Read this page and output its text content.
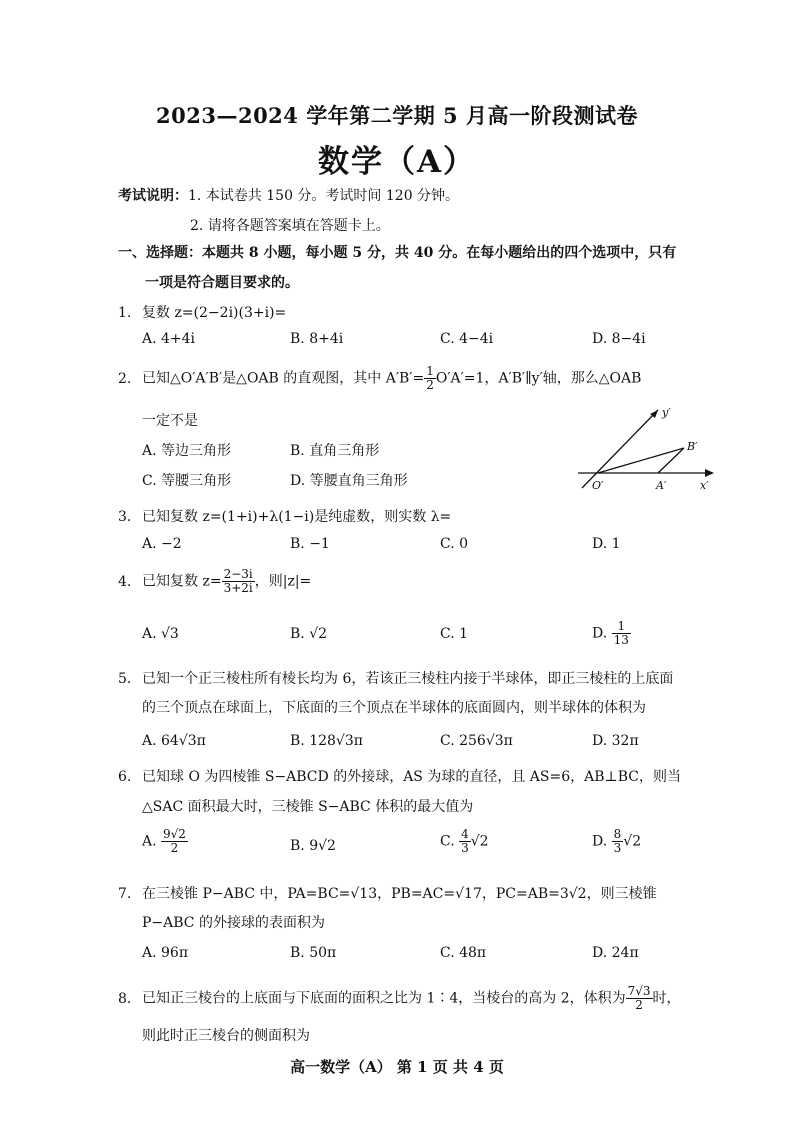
2023—2024 学年第二学期 5 月高一阶段测试卷
数学（A）
考试说明：1. 本试卷共 150 分。考试时间 120 分钟。
2. 请将各题答案填在答题卡上。
一、选择题：本题共 8 小题，每小题 5 分，共 40 分。在每小题给出的四个选项中，只有
一项是符合题目要求的。
1. 复数 z=(2−2i)(3+i)=
A. 4+4i	B. 8+4i	C. 4−4i	D. 8−4i
2. 已知△O′A′B′是△OAB 的直观图，其中 $A'B'= \frac{1}{2} O'A'=1$，A′B′∥y′轴，那么△OAB
一定不是
A. 等边三角形	B. 直角三角形
C. 等腰三角形	D. 等腰直角三角形
y′
B′
O′	A′	x′
3. 已知复数 z=(1+i)+λ(1−i)是纯虚数，则实数 λ=
A. −2	B. −1	C. 0	D. 1
4. 已知复数 $z= \frac{2-3i}{3+2i}$ ，则|z|=
A. √3	B. √2	C. 1	D. $\frac{1}{13}$
5. 已知一个正三棱柱所有棱长均为 6，若该正三棱柱内接于半球体，即正三棱柱的上底面
的三个顶点在球面上，下底面的三个顶点在半球体的底面圆内，则半球体的体积为
A. 64√3π	B. 128√3π	C. 256√3π	D. 32π
6. 已知球 O 为四棱锥 S−ABCD 的外接球，AS 为球的直径，且 AS=6，AB⊥BC，则当
△SAC 面积最大时，三棱锥 S−ABC 体积的最大值为
A. $\frac{9√2}{2}$	B. 9√2	C. $\frac{4}{3} √2$	D. $\frac{8}{3} √2$
7. 在三棱锥 P−ABC 中，PA=BC=√13，PB=AC=√17，PC=AB=3√2，则三棱锥
P−ABC 的外接球的表面积为
A. 96π	B. 50π	C. 48π	D. 24π
8. 已知正三棱台的上底面与下底面的面积之比为 1∶4，当棱台的高为 2，体积为 $\frac{7√3}{2}$ 时，
则此时正三棱台的侧面积为
高一数学（A） 第 1 页 共 4 页
